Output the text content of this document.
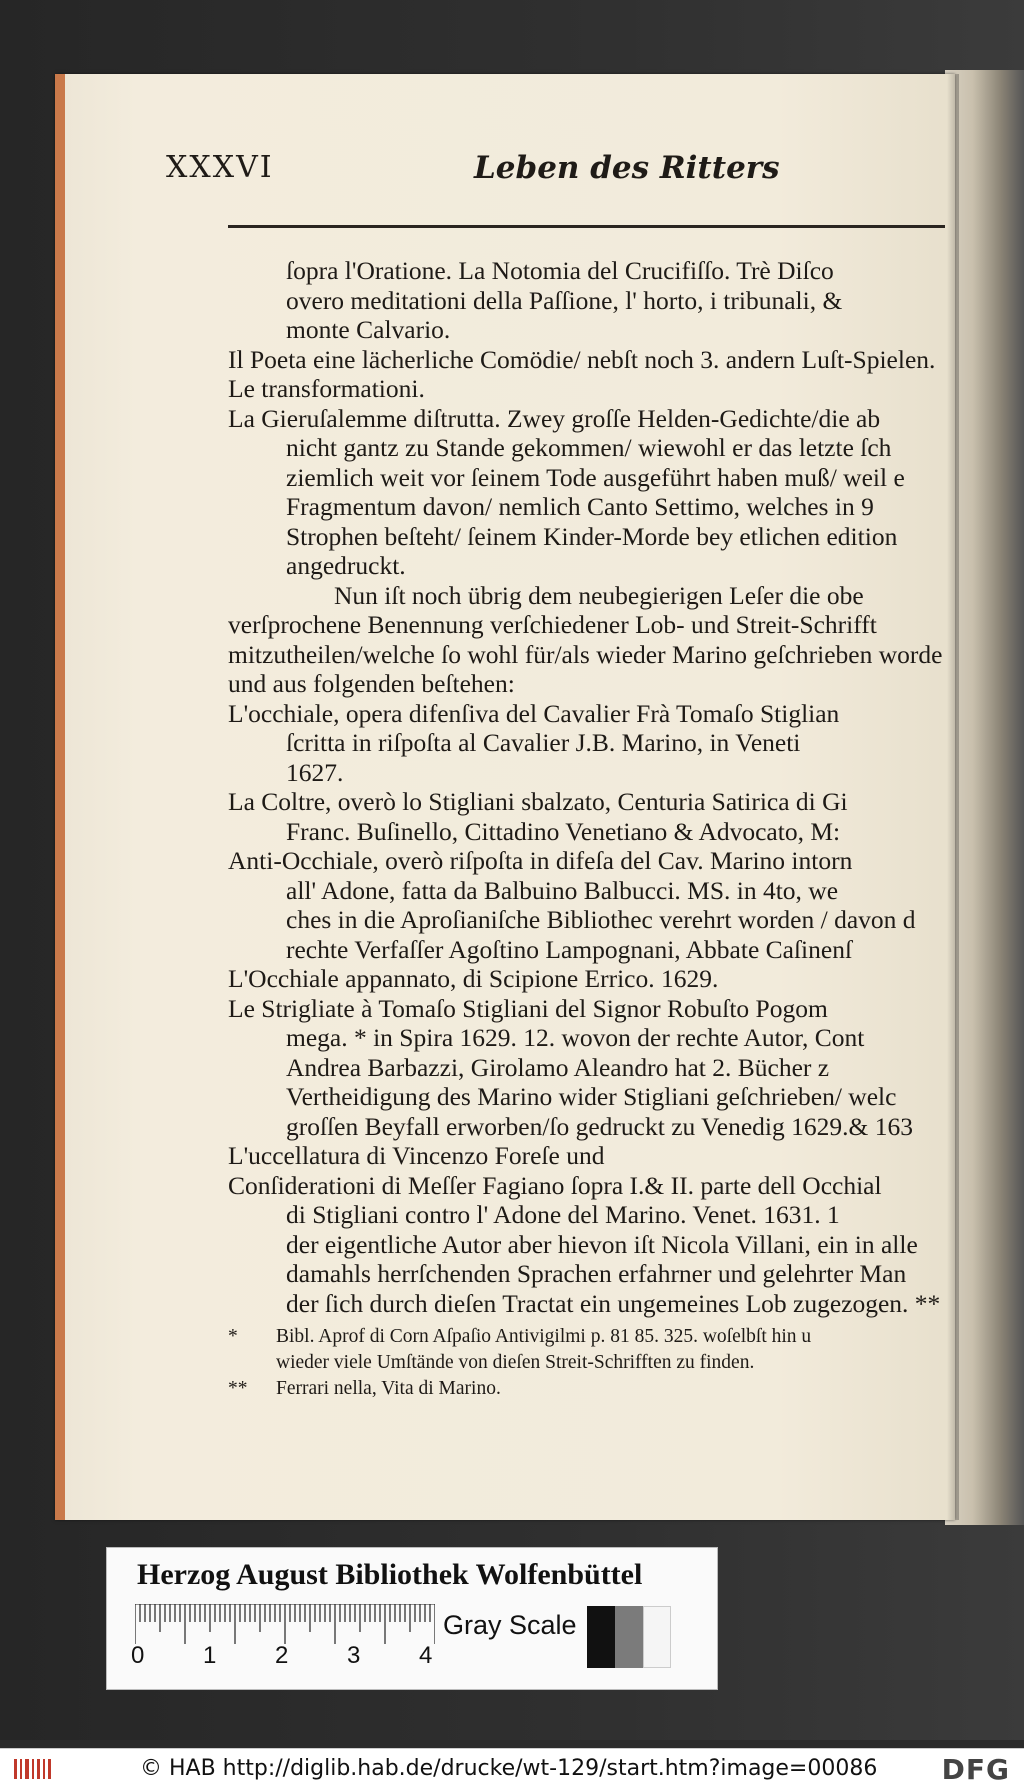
XXXVI	Leben des Ritters
ſopra l'Oratione. La Notomia del Crucifiſſo. Trè Diſco
overo meditationi della Paſſione, l' horto, i tribunali, &
monte Calvario.
Il Poeta eine lächerliche Comödie/ nebſt noch 3. andern Luſt-Spielen.
Le transformationi.
La Gieruſalemme diſtrutta. Zwey groſſe Helden-Gedichte/die ab
nicht gantz zu Stande gekommen/ wiewohl er das letzte ſch
ziemlich weit vor ſeinem Tode ausgeführt haben muß/ weil e
Fragmentum davon/ nemlich Canto Settimo, welches in 9
Strophen beſteht/ ſeinem Kinder-Morde bey etlichen edition
angedruckt.
Nun iſt noch übrig dem neubegierigen Leſer die obe
verſprochene Benennung verſchiedener Lob- und Streit-Schrifft
mitzutheilen/welche ſo wohl für/als wieder Marino geſchrieben worde
und aus folgenden beſtehen:
L'occhiale, opera difenſiva del Cavalier Frà Tomaſo Stiglian
ſcritta in riſpoſta al Cavalier J.B. Marino, in Veneti
1627.
La Coltre, overò lo Stigliani sbalzato, Centuria Satirica di Gi
Franc. Buſinello, Cittadino Venetiano & Advocato, M:
Anti-Occhiale, overò riſpoſta in difeſa del Cav. Marino intorn
all' Adone, fatta da Balbuino Balbucci. MS. in 4to, we
ches in die Aproſianiſche Bibliothec verehrt worden / davon d
rechte Verfaſſer Agoſtino Lampognani, Abbate Caſinenſ
L'Occhiale appannato, di Scipione Errico. 1629.
Le Strigliate à Tomaſo Stigliani del Signor Robuſto Pogom
mega. * in Spira 1629. 12. wovon der rechte Autor, Cont
Andrea Barbazzi, Girolamo Aleandro hat 2. Bücher z
Vertheidigung des Marino wider Stigliani geſchrieben/ welc
groſſen Beyfall erworben/ſo gedruckt zu Venedig 1629.& 163
L'uccellatura di Vincenzo Foreſe und
Conſiderationi di Meſſer Fagiano ſopra I.& II. parte dell Occhial
di Stigliani contro l' Adone del Marino. Venet. 1631. 1
der eigentliche Autor aber hievon iſt Nicola Villani, ein in alle
damahls herrſchenden Sprachen erfahrner und gelehrter Man
der ſich durch dieſen Tractat ein ungemeines Lob zugezogen. **
* Bibl. Aprof di Corn Aſpaſio Antivigilmi p. 81 85. 325. woſelbſt hin u
wieder viele Umſtände von dieſen Streit-Schrifften zu finden.
** Ferrari nella, Vita di Marino.
Herzog August Bibliothek Wolfenbüttel
0 1 2 3 4
Gray Scale
© HAB http://diglib.hab.de/drucke/wt-129/start.htm?image=00086 DFG
